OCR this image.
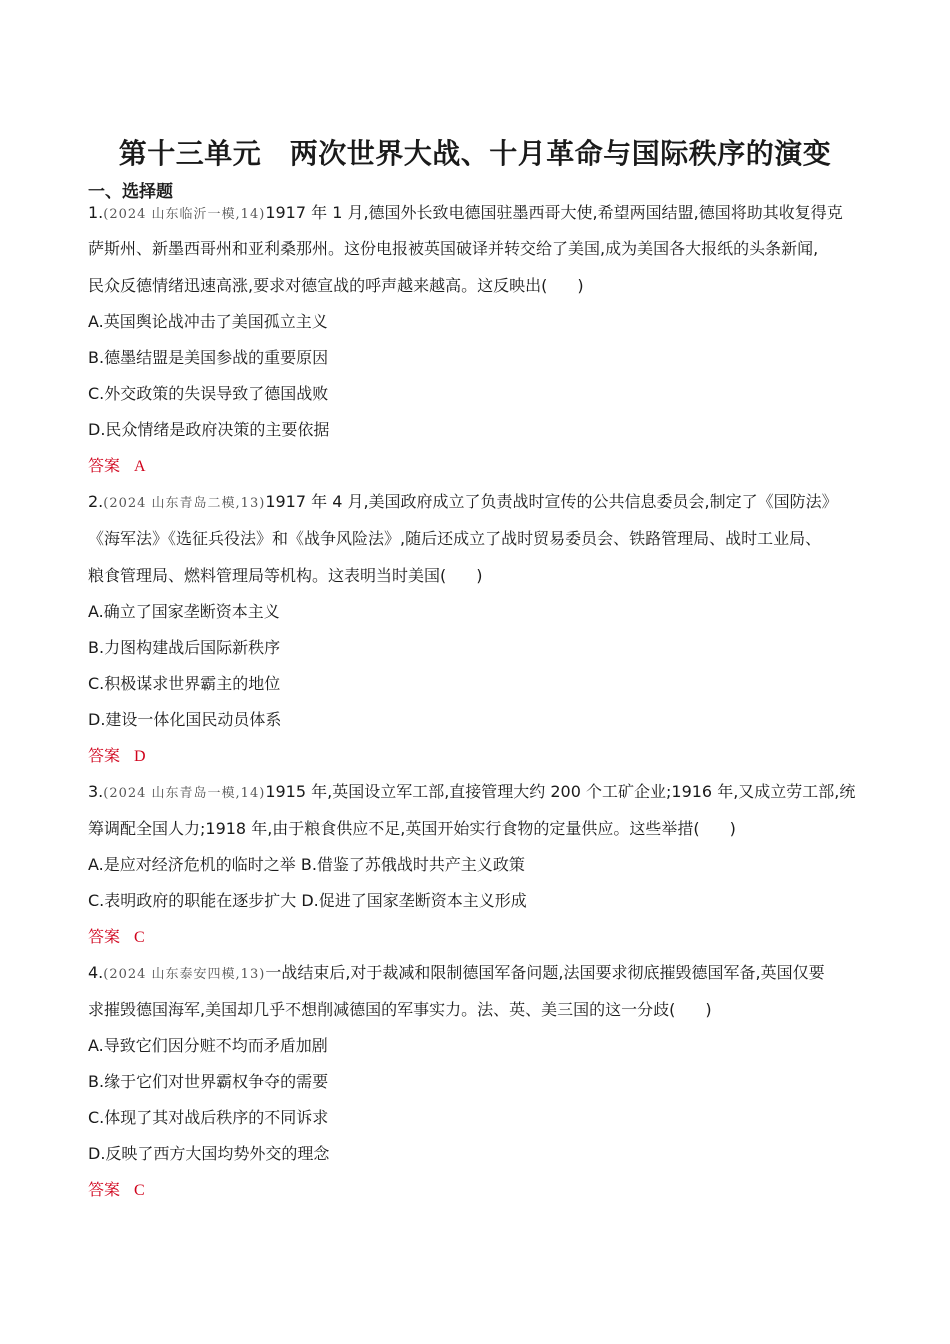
第十三单元　两次世界大战、十月革命与国际秩序的演变
一、选择题
1.(2024 山东临沂一模,14)1917 年 1 月,德国外长致电德国驻墨西哥大使,希望两国结盟,德国将助其收复得克
萨斯州、新墨西哥州和亚利桑那州。这份电报被英国破译并转交给了美国,成为美国各大报纸的头条新闻,
民众反德情绪迅速高涨,要求对德宣战的呼声越来越高。这反映出( )
A.英国舆论战冲击了美国孤立主义
B.德墨结盟是美国参战的重要原因
C.外交政策的失误导致了德国战败
D.民众情绪是政府决策的主要依据
答案 A
2.(2024 山东青岛二模,13)1917 年 4 月,美国政府成立了负责战时宣传的公共信息委员会,制定了《国防法》
《海军法》《选征兵役法》和《战争风险法》,随后还成立了战时贸易委员会、铁路管理局、战时工业局、
粮食管理局、燃料管理局等机构。这表明当时美国( )
A.确立了国家垄断资本主义
B.力图构建战后国际新秩序
C.积极谋求世界霸主的地位
D.建设一体化国民动员体系
答案 D
3.(2024 山东青岛一模,14)1915 年,英国设立军工部,直接管理大约 200 个工矿企业;1916 年,又成立劳工部,统
筹调配全国人力;1918 年,由于粮食供应不足,英国开始实行食物的定量供应。这些举措( )
A.是应对经济危机的临时之举 B.借鉴了苏俄战时共产主义政策
C.表明政府的职能在逐步扩大 D.促进了国家垄断资本主义形成
答案 C
4.(2024 山东泰安四模,13)一战结束后,对于裁减和限制德国军备问题,法国要求彻底摧毁德国军备,英国仅要
求摧毁德国海军,美国却几乎不想削减德国的军事实力。法、英、美三国的这一分歧( )
A.导致它们因分赃不均而矛盾加剧
B.缘于它们对世界霸权争夺的需要
C.体现了其对战后秩序的不同诉求
D.反映了西方大国均势外交的理念
答案 C
